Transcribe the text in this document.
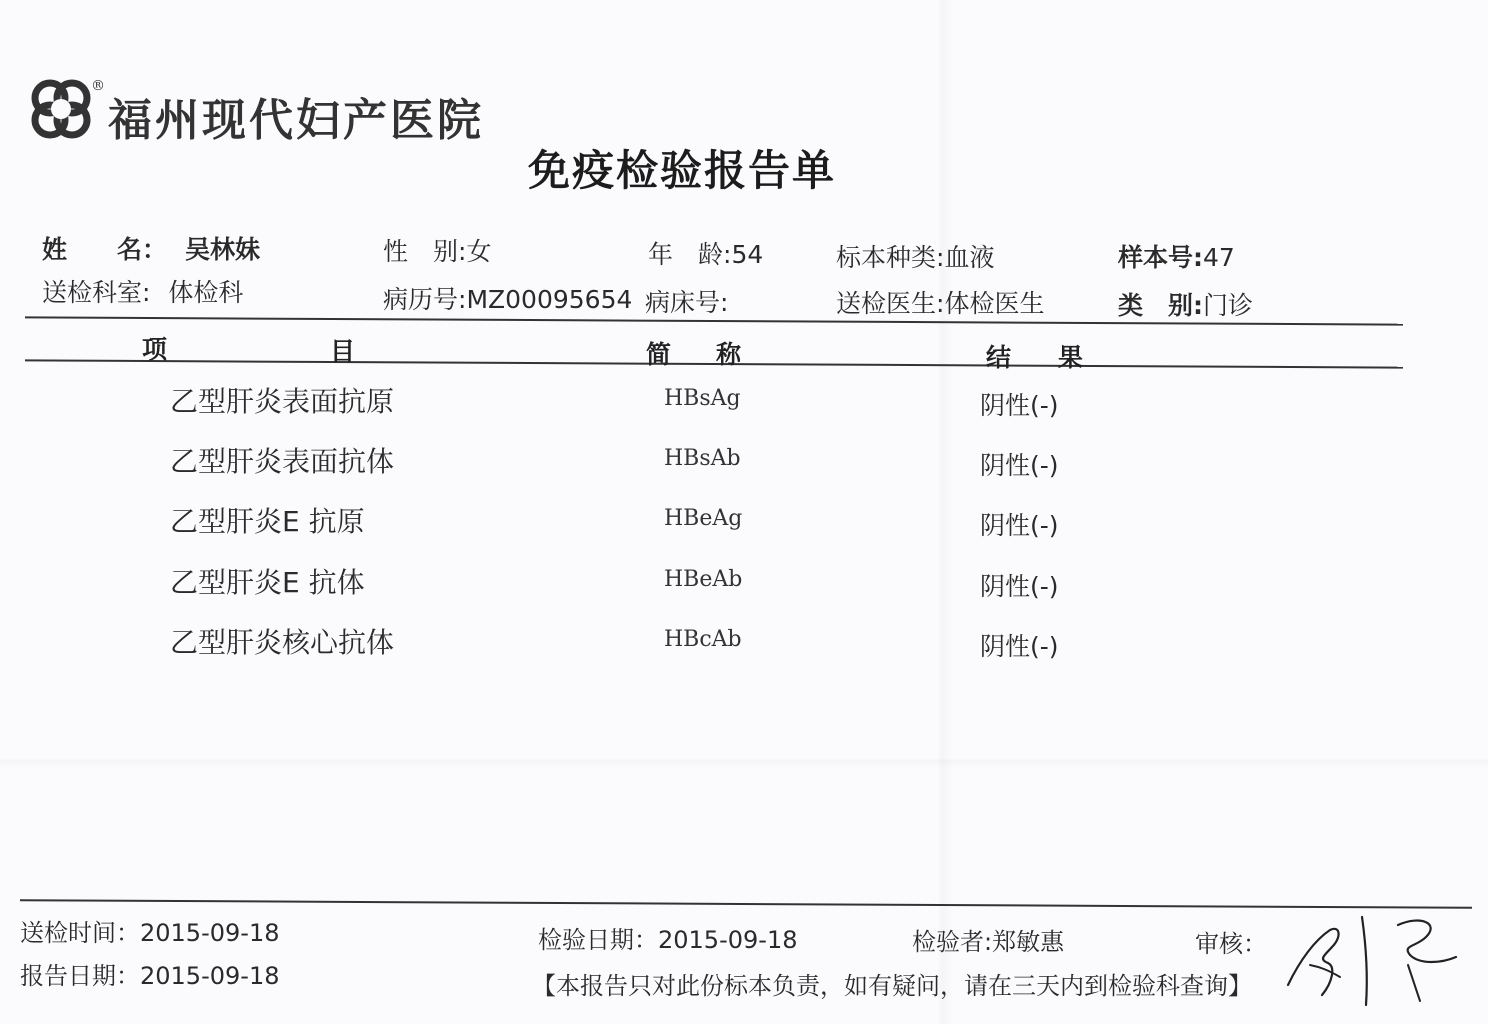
®
福州现代妇产医院
免疫检验报告单
姓　　名： 吴林妹	性　别:女	年　龄:54	标本种类:血液	样本号:47
送检科室: 体检科	病历号:MZ00095654 病床号:	送检医生:体检医生	类　别:门诊
项	目	简 称	结 果
乙型肝炎表面抗原	HBsAg	阴性(-)
乙型肝炎表面抗体	HBsAb	阴性(-)
乙型肝炎E 抗原	HBeAg	阴性(-)
乙型肝炎E 抗体	HBeAb	阴性(-)
乙型肝炎核心抗体	HBcAb	阴性(-)
送检时间：2015-09-18
报告日期：2015-09-18
检验日期：2015-09-18	检验者:郑敏惠	审核：
【本报告只对此份标本负责，如有疑问，请在三天内到检验科查询】
